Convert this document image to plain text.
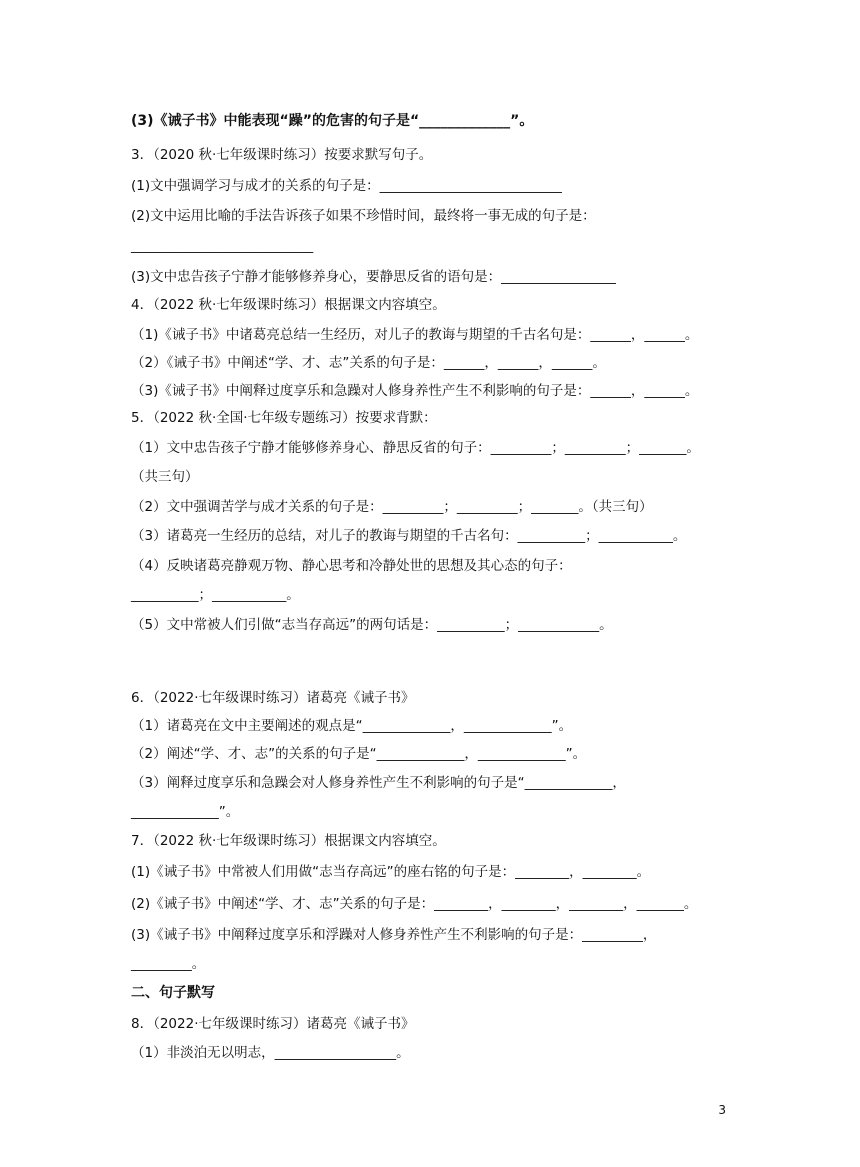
(3)《诫子书》中能表现“躁”的危害的句子是“_____________”。
3．（2020 秋·七年级课时练习）按要求默写句子。
(1)文中强调学习与成才的关系的句子是：___________________________
(2)文中运用比喻的手法告诉孩子如果不珍惜时间，最终将一事无成的句子是：
___________________________
(3)文中忠告孩子宁静才能够修养身心，要静思反省的语句是：_________________
4．（2022 秋·七年级课时练习）根据课文内容填空。
（1)《诫子书》中诸葛亮总结一生经历，对儿子的教诲与期望的千古名句是：______，______。
（2）《诫子书》中阐述“学、才、志”关系的句子是：______，______，______。
（3)《诫子书》中阐释过度享乐和急躁对人修身养性产生不利影响的句子是：______，______。
5．（2022 秋·全国·七年级专题练习）按要求背默：
（1）文中忠告孩子宁静才能够修养身心、静思反省的句子：_________；_________；_______。
（共三句）
（2）文中强调苦学与成才关系的句子是：_________；_________；_______。（共三句）
（3）诸葛亮一生经历的总结，对儿子的教诲与期望的千古名句：__________；___________。
（4）反映诸葛亮静观万物、静心思考和冷静处世的思想及其心态的句子：
__________；___________。
（5）文中常被人们引做“志当存高远”的两句话是：__________；____________。
6．（2022·七年级课时练习）诸葛亮《诫子书》
（1）诸葛亮在文中主要阐述的观点是“_____________，_____________”。
（2）阐述“学、才、志”的关系的句子是“_____________，_____________”。
（3）阐释过度享乐和急躁会对人修身养性产生不利影响的句子是“_____________，
_____________”。
7．（2022 秋·七年级课时练习）根据课文内容填空。
(1)《诫子书》中常被人们用做“志当存高远”的座右铭的句子是：________，________。
(2)《诫子书》中阐述“学、才、志”关系的句子是：________，________，________，_______。
(3)《诫子书》中阐释过度享乐和浮躁对人修身养性产生不利影响的句子是：_________，
_________。
二、句子默写
8．（2022·七年级课时练习）诸葛亮《诫子书》
（1）非淡泊无以明志，__________________。
3
